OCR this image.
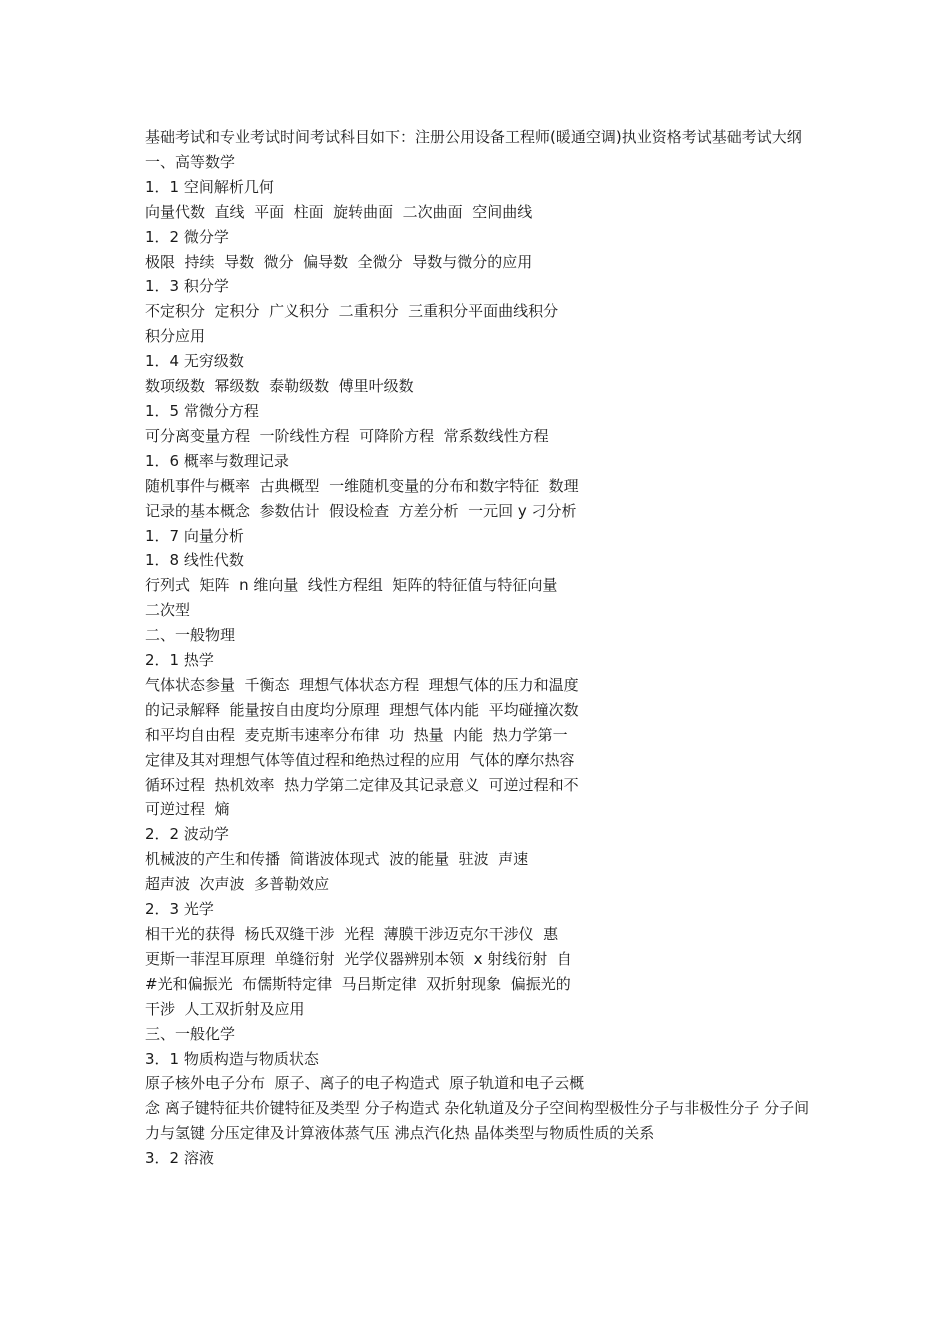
基础考试和专业考试时间考试科目如下：注册公用设备工程师(暖通空调)执业资格考试基础考试大纲

一、高等数学

1．1 空间解析几何

向量代数  直线  平面  柱面  旋转曲面  二次曲面  空间曲线

1．2 微分学

极限  持续  导数  微分  偏导数  全微分  导数与微分的应用

1．3 积分学

不定积分  定积分  广义积分  二重积分  三重积分平面曲线积分

积分应用

1．4 无穷级数

数项级数  幂级数  泰勒级数  傅里叶级数

1．5 常微分方程

可分离变量方程  一阶线性方程  可降阶方程  常系数线性方程

1．6 概率与数理记录

随机事件与概率  古典概型  一维随机变量的分布和数字特征  数理

记录的基本概念  参数估计  假设检查  方差分析  一元回 y 刁分析

1．7 向量分析

1．8 线性代数

行列式  矩阵  n 维向量  线性方程组  矩阵的特征值与特征向量

二次型

二、一般物理

2．1 热学

气体状态参量  千衡态  理想气体状态方程  理想气体的压力和温度

的记录解释  能量按自由度均分原理  理想气体内能  平均碰撞次数

和平均自由程  麦克斯韦速率分布律  功  热量  内能  热力学第一

定律及其对理想气体等值过程和绝热过程的应用  气体的摩尔热容

循环过程  热机效率  热力学第二定律及其记录意义  可逆过程和不

可逆过程  熵

2．2 波动学

机械波的产生和传播  简谐波体现式  波的能量  驻波  声速

超声波  次声波  多普勒效应

2．3 光学

相干光的获得  杨氏双缝干涉  光程  薄膜干涉迈克尔干涉仪  惠

更斯一菲涅耳原理  单缝衍射  光学仪器辨别本领  x 射线衍射  自

#光和偏振光  布儒斯特定律  马吕斯定律  双折射现象  偏振光的

干涉  人工双折射及应用

三、一般化学

3．1 物质构造与物质状态

原子核外电子分布  原子、离子的电子构造式  原子轨道和电子云概

念 离子键特征共价键特征及类型 分子构造式 杂化轨道及分子空间构型极性分子与非极性分子 分子间力与氢键 分压定律及计算液体蒸气压 沸点汽化热 晶体类型与物质性质的关系

3．2 溶液
